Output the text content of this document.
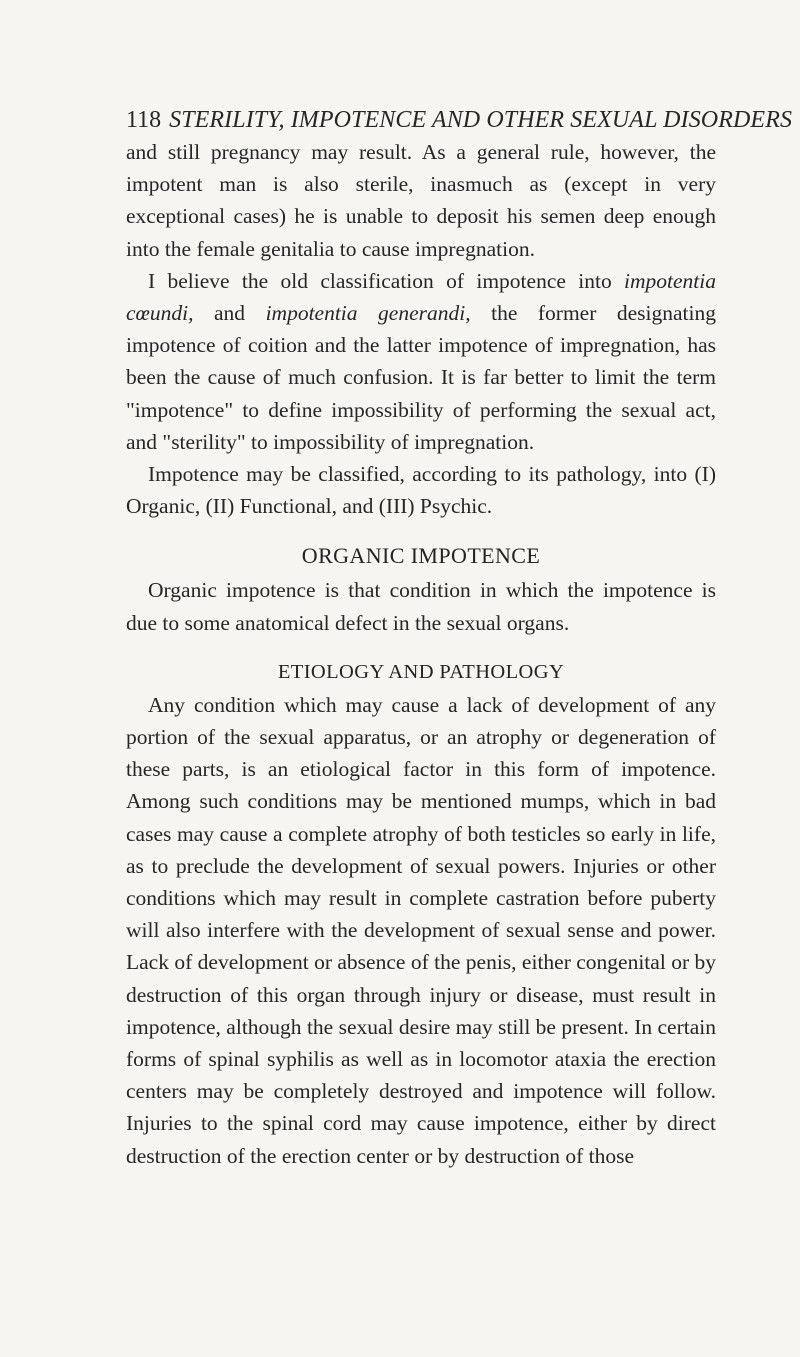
118 STERILITY, IMPOTENCE AND OTHER SEXUAL DISORDERS

and still pregnancy may result. As a general rule, however, the impotent man is also sterile, inasmuch as (except in very exceptional cases) he is unable to deposit his semen deep enough into the female genitalia to cause impregnation.

I believe the old classification of impotence into impotentia cœundi, and impotentia generandi, the former designating impotence of coition and the latter impotence of impregnation, has been the cause of much confusion. It is far better to limit the term "impotence" to define impossibility of performing the sexual act, and "sterility" to impossibility of impregnation.

Impotence may be classified, according to its pathology, into (I) Organic, (II) Functional, and (III) Psychic.

ORGANIC IMPOTENCE

Organic impotence is that condition in which the impotence is due to some anatomical defect in the sexual organs.

ETIOLOGY AND PATHOLOGY

Any condition which may cause a lack of development of any portion of the sexual apparatus, or an atrophy or degeneration of these parts, is an etiological factor in this form of impotence. Among such conditions may be mentioned mumps, which in bad cases may cause a complete atrophy of both testicles so early in life, as to preclude the development of sexual powers. Injuries or other conditions which may result in complete castration before puberty will also interfere with the development of sexual sense and power. Lack of development or absence of the penis, either congenital or by destruction of this organ through injury or disease, must result in impotence, although the sexual desire may still be present. In certain forms of spinal syphilis as well as in locomotor ataxia the erection centers may be completely destroyed and impotence will follow. Injuries to the spinal cord may cause impotence, either by direct destruction of the erection center or by destruction of those
